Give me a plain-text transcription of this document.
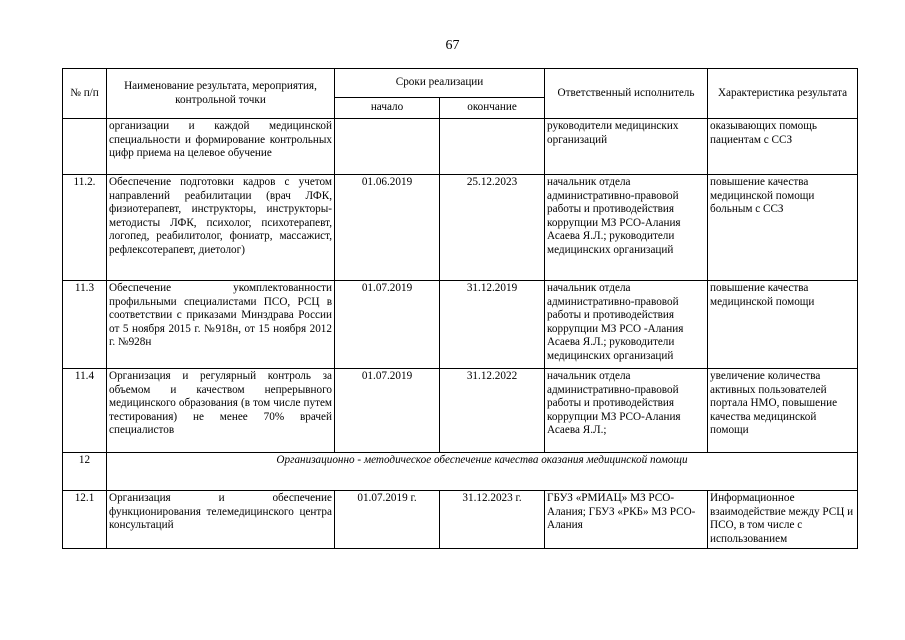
67
№ п/п	Наименование результата, мероприятия, контрольной точки	Сроки реализации		Ответственный исполнитель	Характеристика результата
		начало	окончание		
	организации и каждой медицинской специальности и формирование контрольных цифр приема на целевое обучение			руководители медицинских организаций	оказывающих помощь пациентам с ССЗ
11.2.	Обеспечение подготовки кадров с учетом направлений реабилитации (врач ЛФК, физиотерапевт, инструкторы, инструкторы-методисты ЛФК, психолог, психотерапевт, логопед, реабилитолог, фониатр, массажист, рефлексотерапевт, диетолог)	01.06.2019	25.12.2023	начальник отдела административно-правовой работы и противодействия коррупции МЗ РСО-Алания Асаева Я.Л.; руководители медицинских организаций	повышение качества медицинской помощи больным с ССЗ
11.3	Обеспечение укомплектованности профильными специалистами ПСО, РСЦ в соответствии с приказами Минздрава России от 5 ноября 2015 г. №918н, от 15 ноября 2012 г. №928н	01.07.2019	31.12.2019	начальник отдела административно-правовой работы и противодействия коррупции МЗ РСО -Алания Асаева Я.Л.; руководители медицинских организаций	повышение качества медицинской помощи
11.4	Организация и регулярный контроль за объемом и качеством непрерывного медицинского образования (в том числе путем тестирования) не менее 70% врачей специалистов	01.07.2019	31.12.2022	начальник отдела административно-правовой работы и противодействия коррупции МЗ РСО-Алания Асаева Я.Л.;	увеличение количества активных пользователей портала НМО, повышение качества медицинской помощи
12	Организационно - методическое обеспечение качества оказания медицинской помощи				
12.1	Организация и обеспечение функционирования телемедицинского центра консультаций	01.07.2019 г.	31.12.2023 г.	ГБУЗ «РМИАЦ» МЗ РСО-Алания; ГБУЗ «РКБ» МЗ РСО-Алания	Информационное взаимодействие между РСЦ и ПСО, в том числе с использованием
